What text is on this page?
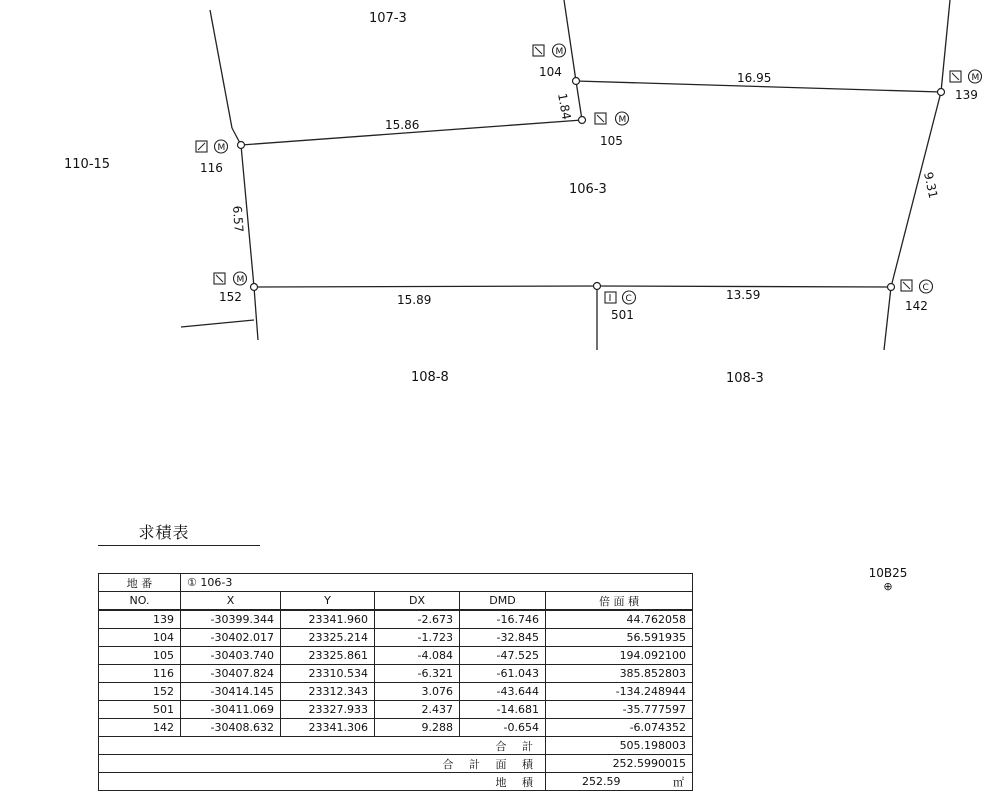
107-3
106-3
110-15
108-8	108-3
16.95
1.84
15.86
9.31
6.57
15.89	13.59
104
105
116
152
139
142
501
M
M
M
M
M
C
C
求積表
10B25
⊕
地 番	① 106-3				
NO.	X	Y	DX	DMD	倍 面 積
139	-30399.344	23341.960	-2.673	-16.746	44.762058
104	-30402.017	23325.214	-1.723	-32.845	56.591935
105	-30403.740	23325.861	-4.084	-47.525	194.092100
116	-30407.824	23310.534	-6.321	-61.043	385.852803
152	-30414.145	23312.343	3.076	-43.644	-134.248944
501	-30411.069	23327.933	2.437	-14.681	-35.777597
142	-30408.632	23341.306	9.288	-0.654	-6.074352
合 計					505.198003
合 計 面 積					252.5990015
地 積					252.59 ㎡
